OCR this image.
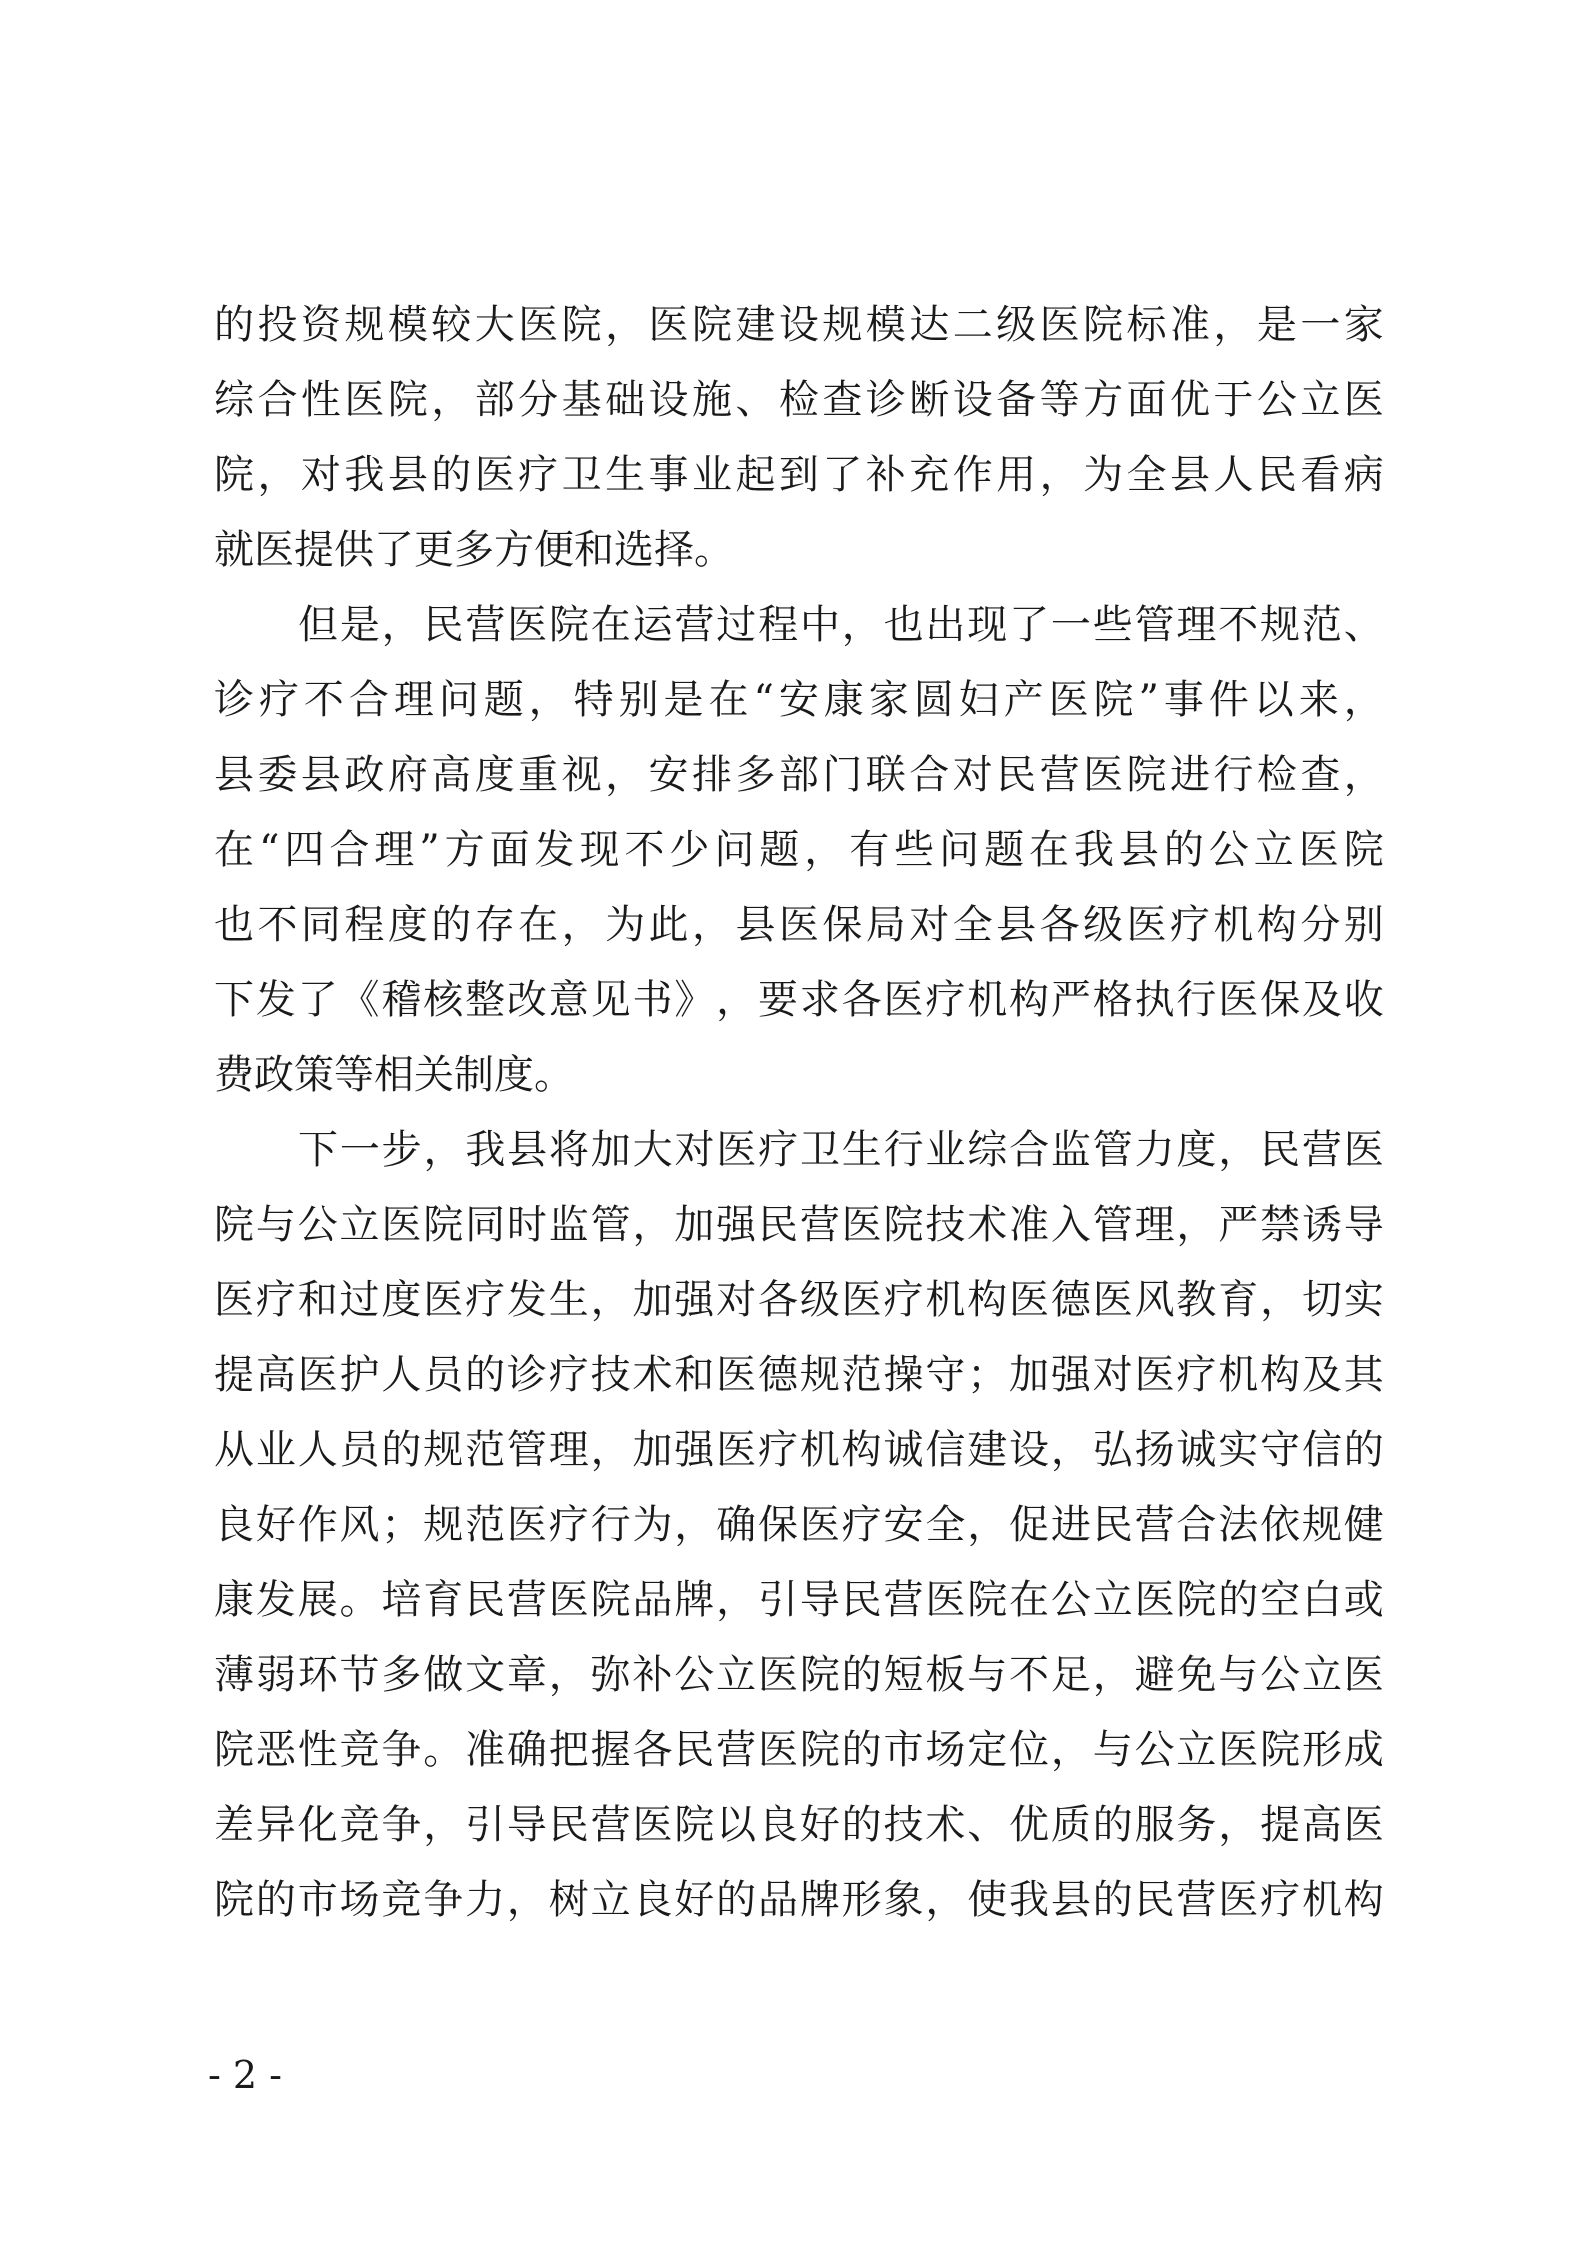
的 投 资 规 模 较 大 医 院 ， 医 院 建 设 规 模 达 二 级 医 院 标 准 ， 是 一 家
综 合 性 医 院 ， 部 分 基 础 设 施 、 检 查 诊 断 设 备 等 方 面 优 于 公 立 医
院 ， 对 我 县 的 医 疗 卫 生 事 业 起 到 了 补 充 作 用 ， 为 全 县 人 民 看 病
就医提供了更多方便和选择。
但 是 ， 民 营 医 院 在 运 营 过 程 中 ， 也 出 现 了 一 些 管 理 不 规 范 、
诊 疗 不 合 理 问 题 ， 特 别 是 在 “ 安 康 家 圆 妇 产 医 院 ” 事 件 以 来 ，
县 委 县 政 府 高 度 重 视 ， 安 排 多 部 门 联 合 对 民 营 医 院 进 行 检 查 ，
在 “ 四 合 理 ” 方 面 发 现 不 少 问 题 ， 有 些 问 题 在 我 县 的 公 立 医 院
也 不 同 程 度 的 存 在 ， 为 此 ， 县 医 保 局 对 全 县 各 级 医 疗 机 构 分 别
下 发 了 《 稽 核 整 改 意 见 书 》 ， 要 求 各 医 疗 机 构 严 格 执 行 医 保 及 收
费政策等相关制度。
下 一 步 ， 我 县 将 加 大 对 医 疗 卫 生 行 业 综 合 监 管 力 度 ， 民 营 医
院 与 公 立 医 院 同 时 监 管 ， 加 强 民 营 医 院 技 术 准 入 管 理 ， 严 禁 诱 导
医 疗 和 过 度 医 疗 发 生 ， 加 强 对 各 级 医 疗 机 构 医 德 医 风 教 育 ， 切 实
提 高 医 护 人 员 的 诊 疗 技 术 和 医 德 规 范 操 守 ； 加 强 对 医 疗 机 构 及 其
从 业 人 员 的 规 范 管 理 ， 加 强 医 疗 机 构 诚 信 建 设 ， 弘 扬 诚 实 守 信 的
良 好 作 风 ； 规 范 医 疗 行 为 ， 确 保 医 疗 安 全 ， 促 进 民 营 合 法 依 规 健
康 发 展 。 培 育 民 营 医 院 品 牌 ， 引 导 民 营 医 院 在 公 立 医 院 的 空 白 或
薄 弱 环 节 多 做 文 章 ， 弥 补 公 立 医 院 的 短 板 与 不 足 ， 避 免 与 公 立 医
院 恶 性 竞 争 。 准 确 把 握 各 民 营 医 院 的 市 场 定 位 ， 与 公 立 医 院 形 成
差 异 化 竞 争 ， 引 导 民 营 医 院 以 良 好 的 技 术 、 优 质 的 服 务 ， 提 高 医
院 的 市 场 竞 争 力 ， 树 立 良 好 的 品 牌 形 象 ， 使 我 县 的 民 营 医 疗 机 构
- 2 -
